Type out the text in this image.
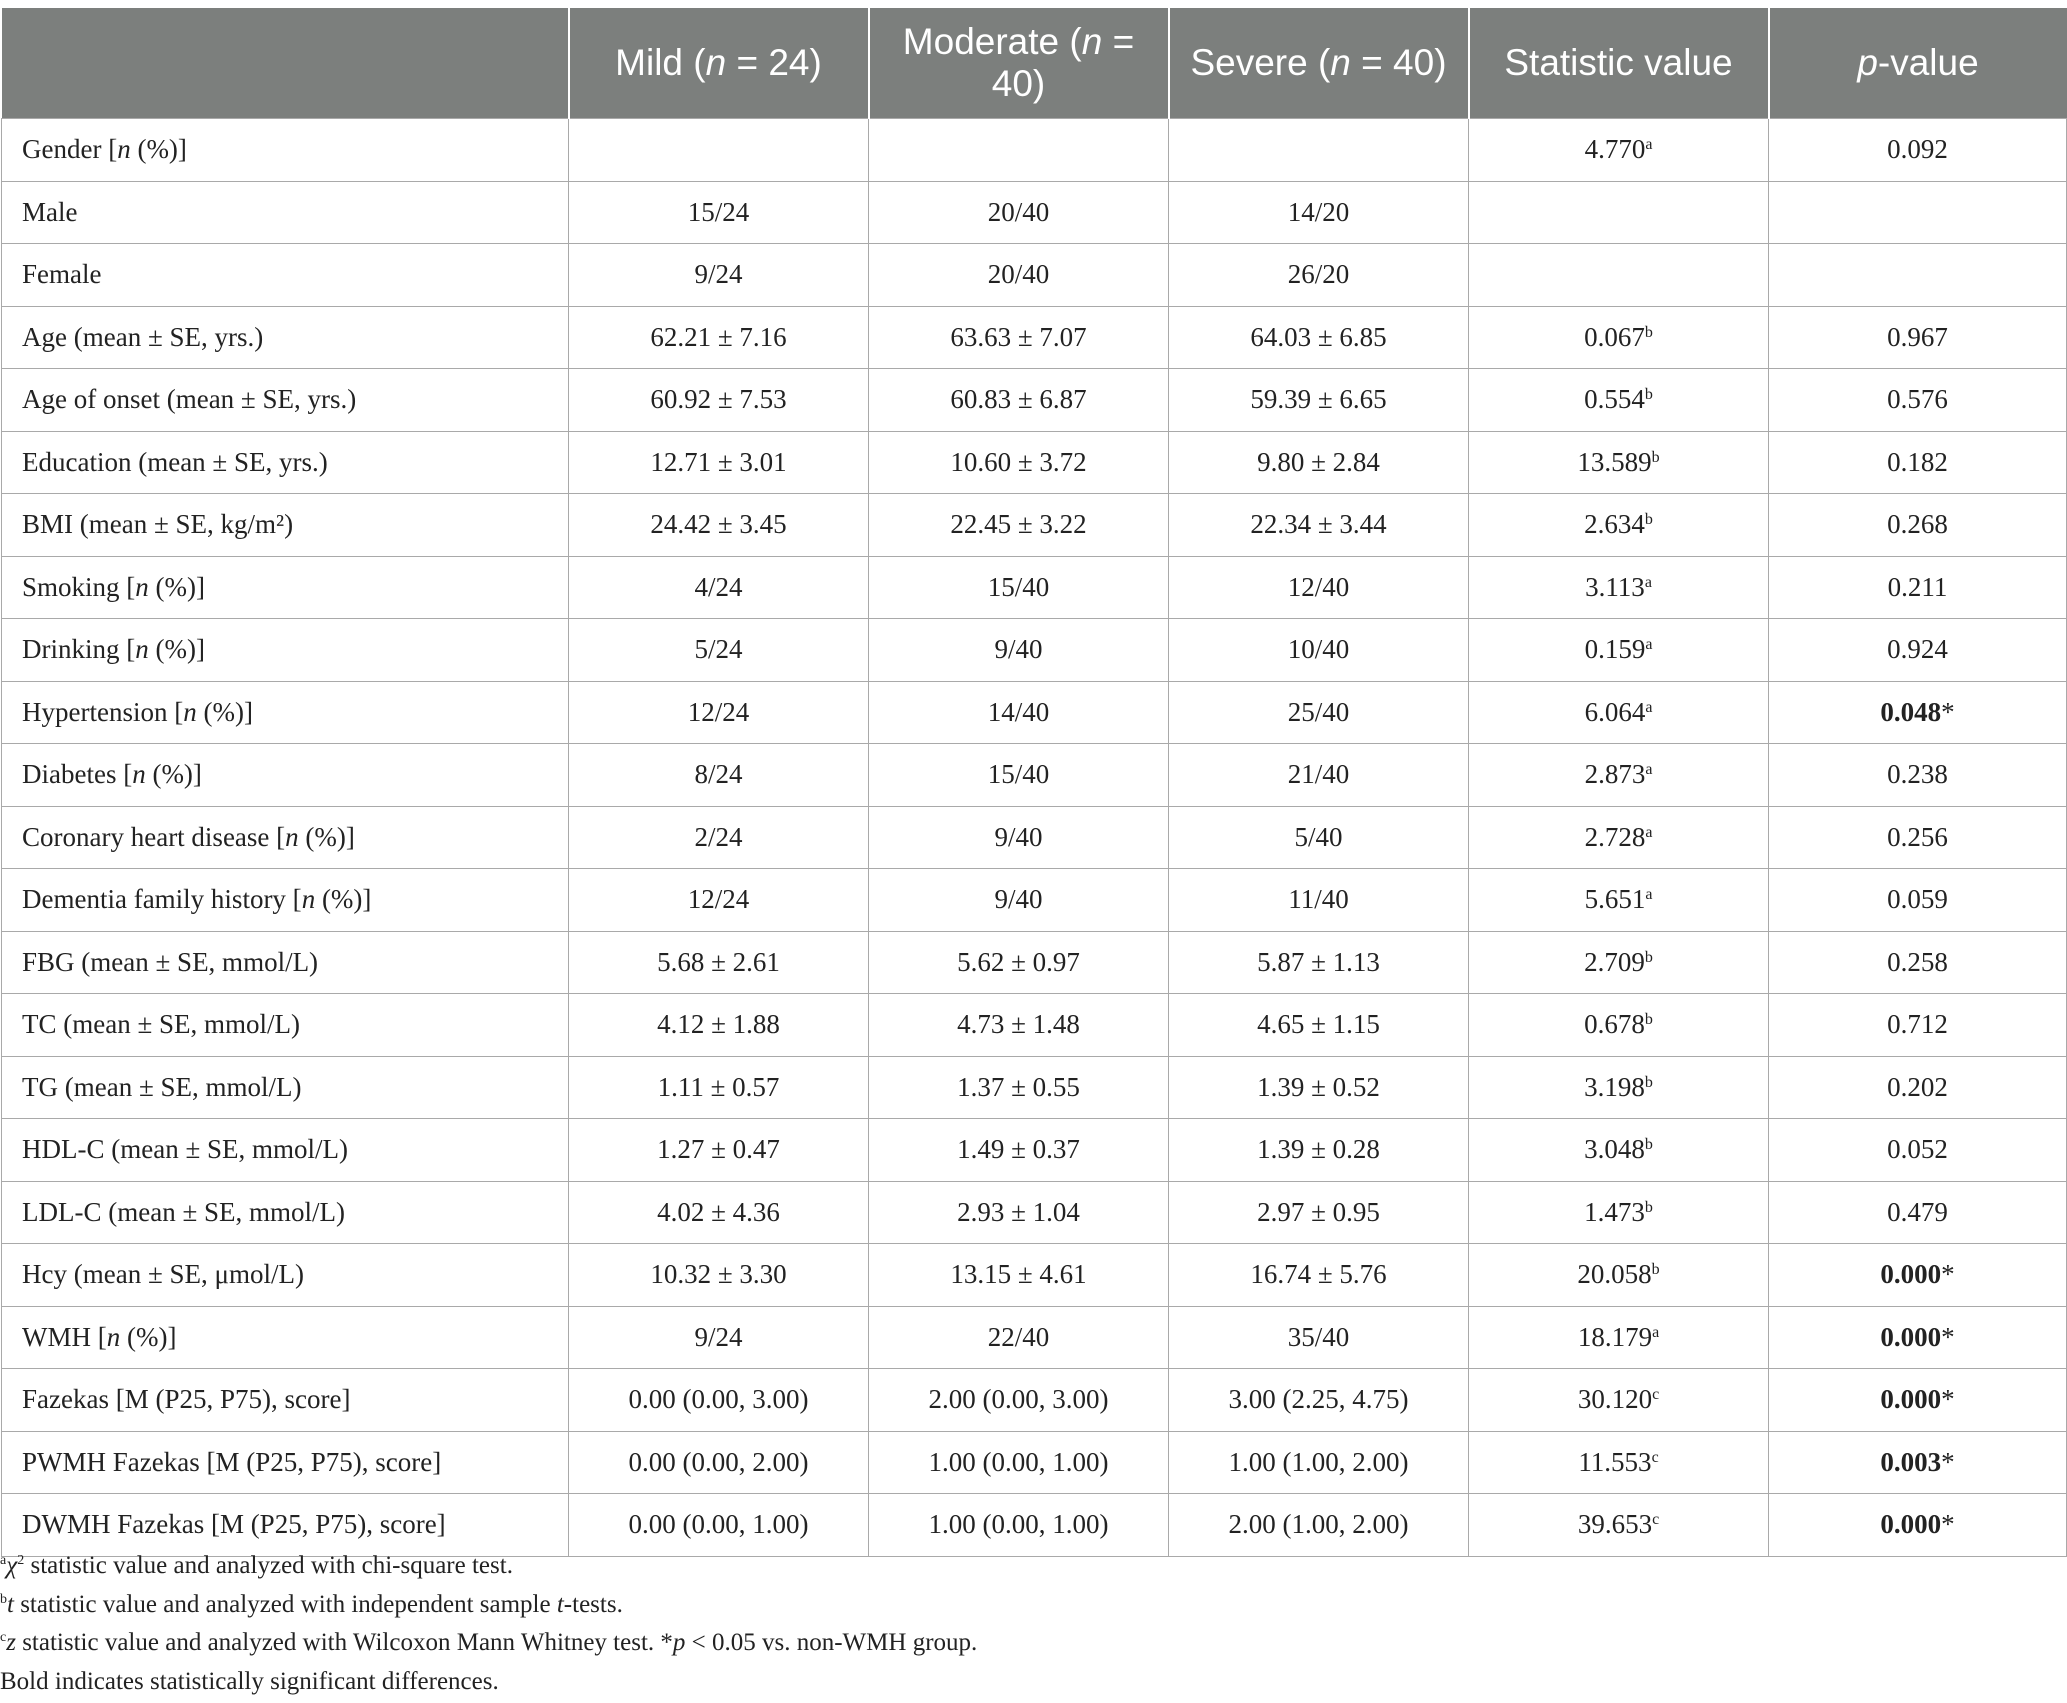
	Mild (n = 24)	Moderate (n = 40)	Severe (n = 40)	Statistic value	p-value
Gender [n (%)]				4.770$^a$	0.092
Male	15/24	20/40	14/20		
Female	9/24	20/40	26/20		
Age (mean ± SE, yrs.)	62.21 ± 7.16	63.63 ± 7.07	64.03 ± 6.85	0.067$^b$	0.967
Age of onset (mean ± SE, yrs.)	60.92 ± 7.53	60.83 ± 6.87	59.39 ± 6.65	0.554$^b$	0.576
Education (mean ± SE, yrs.)	12.71 ± 3.01	10.60 ± 3.72	9.80 ± 2.84	13.589$^b$	0.182
BMI (mean ± SE, kg/m²)	24.42 ± 3.45	22.45 ± 3.22	22.34 ± 3.44	2.634$^b$	0.268
Smoking [n (%)]	4/24	15/40	12/40	3.113$^a$	0.211
Drinking [n (%)]	5/24	9/40	10/40	0.159$^a$	0.924
Hypertension [n (%)]	12/24	14/40	25/40	6.064$^a$	0.048*
Diabetes [n (%)]	8/24	15/40	21/40	2.873$^a$	0.238
Coronary heart disease [n (%)]	2/24	9/40	5/40	2.728$^a$	0.256
Dementia family history [n (%)]	12/24	9/40	11/40	5.651$^a$	0.059
FBG (mean ± SE, mmol/L)	5.68 ± 2.61	5.62 ± 0.97	5.87 ± 1.13	2.709$^b$	0.258
TC (mean ± SE, mmol/L)	4.12 ± 1.88	4.73 ± 1.48	4.65 ± 1.15	0.678$^b$	0.712
TG (mean ± SE, mmol/L)	1.11 ± 0.57	1.37 ± 0.55	1.39 ± 0.52	3.198$^b$	0.202
HDL-C (mean ± SE, mmol/L)	1.27 ± 0.47	1.49 ± 0.37	1.39 ± 0.28	3.048$^b$	0.052
LDL-C (mean ± SE, mmol/L)	4.02 ± 4.36	2.93 ± 1.04	2.97 ± 0.95	1.473$^b$	0.479
Hcy (mean ± SE, μmol/L)	10.32 ± 3.30	13.15 ± 4.61	16.74 ± 5.76	20.058$^b$	0.000*
WMH [n (%)]	9/24	22/40	35/40	18.179$^a$	0.000*
Fazekas [M (P25, P75), score]	0.00 (0.00, 3.00)	2.00 (0.00, 3.00)	3.00 (2.25, 4.75)	30.120$^c$	0.000*
PWMH Fazekas [M (P25, P75), score]	0.00 (0.00, 2.00)	1.00 (0.00, 1.00)	1.00 (1.00, 2.00)	11.553$^c$	0.003*
DWMH Fazekas [M (P25, P75), score]	0.00 (0.00, 1.00)	1.00 (0.00, 1.00)	2.00 (1.00, 2.00)	39.653$^c$	0.000*
$^a\chi^2$ statistic value and analyzed with chi-square test.
$^b$t statistic value and analyzed with independent sample t-tests.
$^c$z statistic value and analyzed with Wilcoxon Mann Whitney test. *p < 0.05 vs. non-WMH group.
Bold indicates statistically significant differences.
